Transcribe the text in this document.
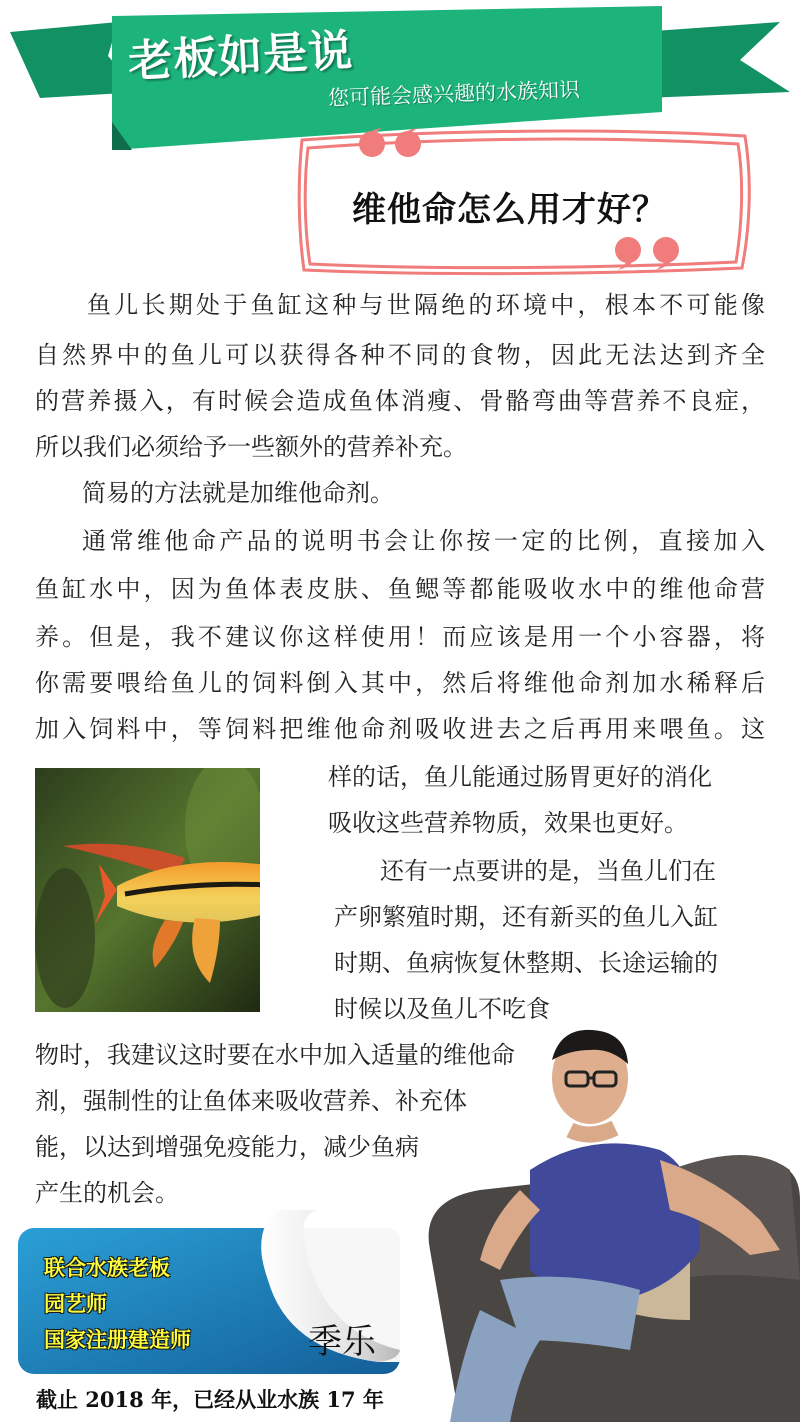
老板如是说
您可能会感兴趣的水族知识
维他命怎么用才好？
鱼儿长期处于鱼缸这种与世隔绝的环境中，根本不可能像
自然界中的鱼儿可以获得各种不同的食物，因此无法达到齐全
的营养摄入，有时候会造成鱼体消瘦、骨骼弯曲等营养不良症，
所以我们必须给予一些额外的营养补充。
简易的方法就是加维他命剂。
通常维他命产品的说明书会让你按一定的比例，直接加入
鱼缸水中，因为鱼体表皮肤、鱼鳃等都能吸收水中的维他命营
养。但是，我不建议你这样使用！而应该是用一个小容器，将
你需要喂给鱼儿的饲料倒入其中，然后将维他命剂加水稀释后
加入饲料中，等饲料把维他命剂吸收进去之后再用来喂鱼。这
样的话，鱼儿能通过肠胃更好的消化
吸收这些营养物质，效果也更好。
还有一点要讲的是，当鱼儿们在
产卵繁殖时期，还有新买的鱼儿入缸
时期、鱼病恢复休整期、长途运输的
时候以及鱼儿不吃食
物时，我建议这时要在水中加入适量的维他命
剂，强制性的让鱼体来吸收营养、补充体
能，以达到增强免疫能力，减少鱼病
产生的机会。
联合水族老板
园艺师
国家注册建造师	季乐
截止 2018 年，已经从业水族 17 年
